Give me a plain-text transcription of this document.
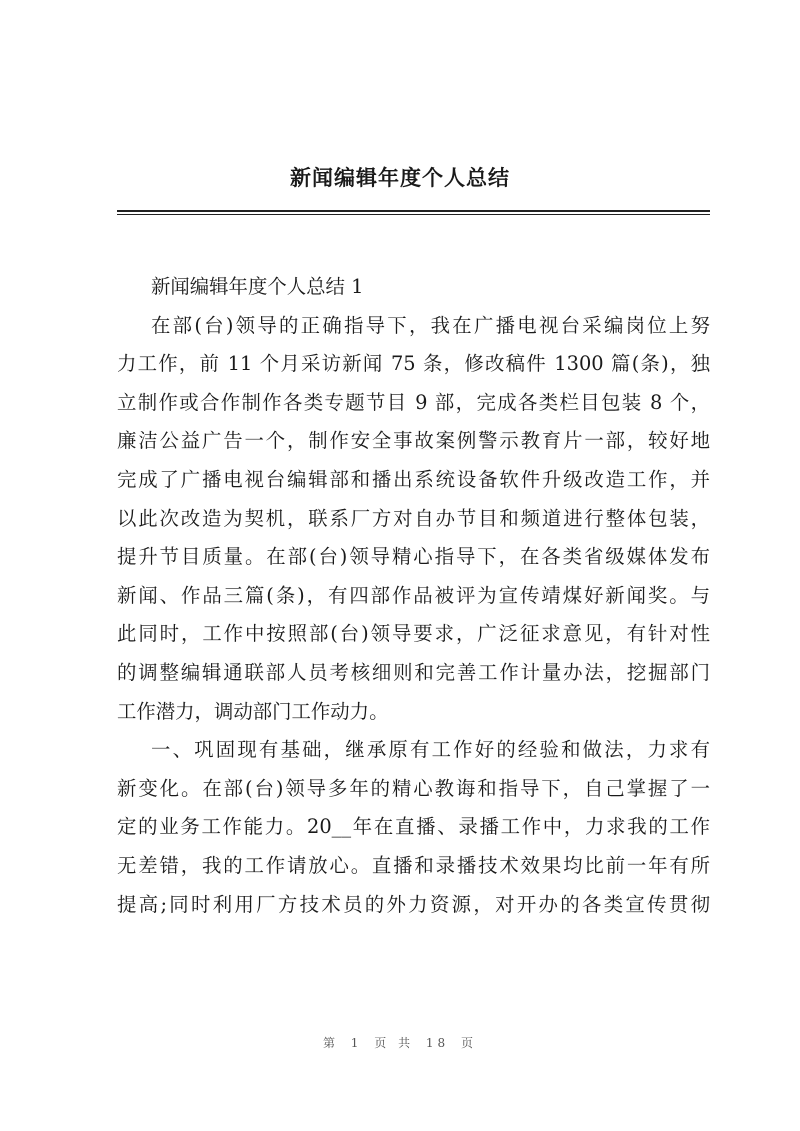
新闻编辑年度个人总结
新闻编辑年度个人总结 1
在部(台)领导的正确指导下，我在广播电视台采编岗位上努
力工作，前 11 个月采访新闻 75 条，修改稿件 1300 篇(条)，独
立制作或合作制作各类专题节目 9 部，完成各类栏目包装 8 个，
廉洁公益广告一个，制作安全事故案例警示教育片一部，较好地
完成了广播电视台编辑部和播出系统设备软件升级改造工作，并
以此次改造为契机，联系厂方对自办节目和频道进行整体包装，
提升节目质量。在部(台)领导精心指导下，在各类省级媒体发布
新闻、作品三篇(条)，有四部作品被评为宣传靖煤好新闻奖。与
此同时，工作中按照部(台)领导要求，广泛征求意见，有针对性
的调整编辑通联部人员考核细则和完善工作计量办法，挖掘部门
工作潜力，调动部门工作动力。
一、巩固现有基础，继承原有工作好的经验和做法，力求有
新变化。在部(台)领导多年的精心教诲和指导下，自己掌握了一
定的业务工作能力。20__年在直播、录播工作中，力求我的工作
无差错，我的工作请放心。直播和录播技术效果均比前一年有所
提高;同时利用厂方技术员的外力资源，对开办的各类宣传贯彻
第 1 页 共 18 页
